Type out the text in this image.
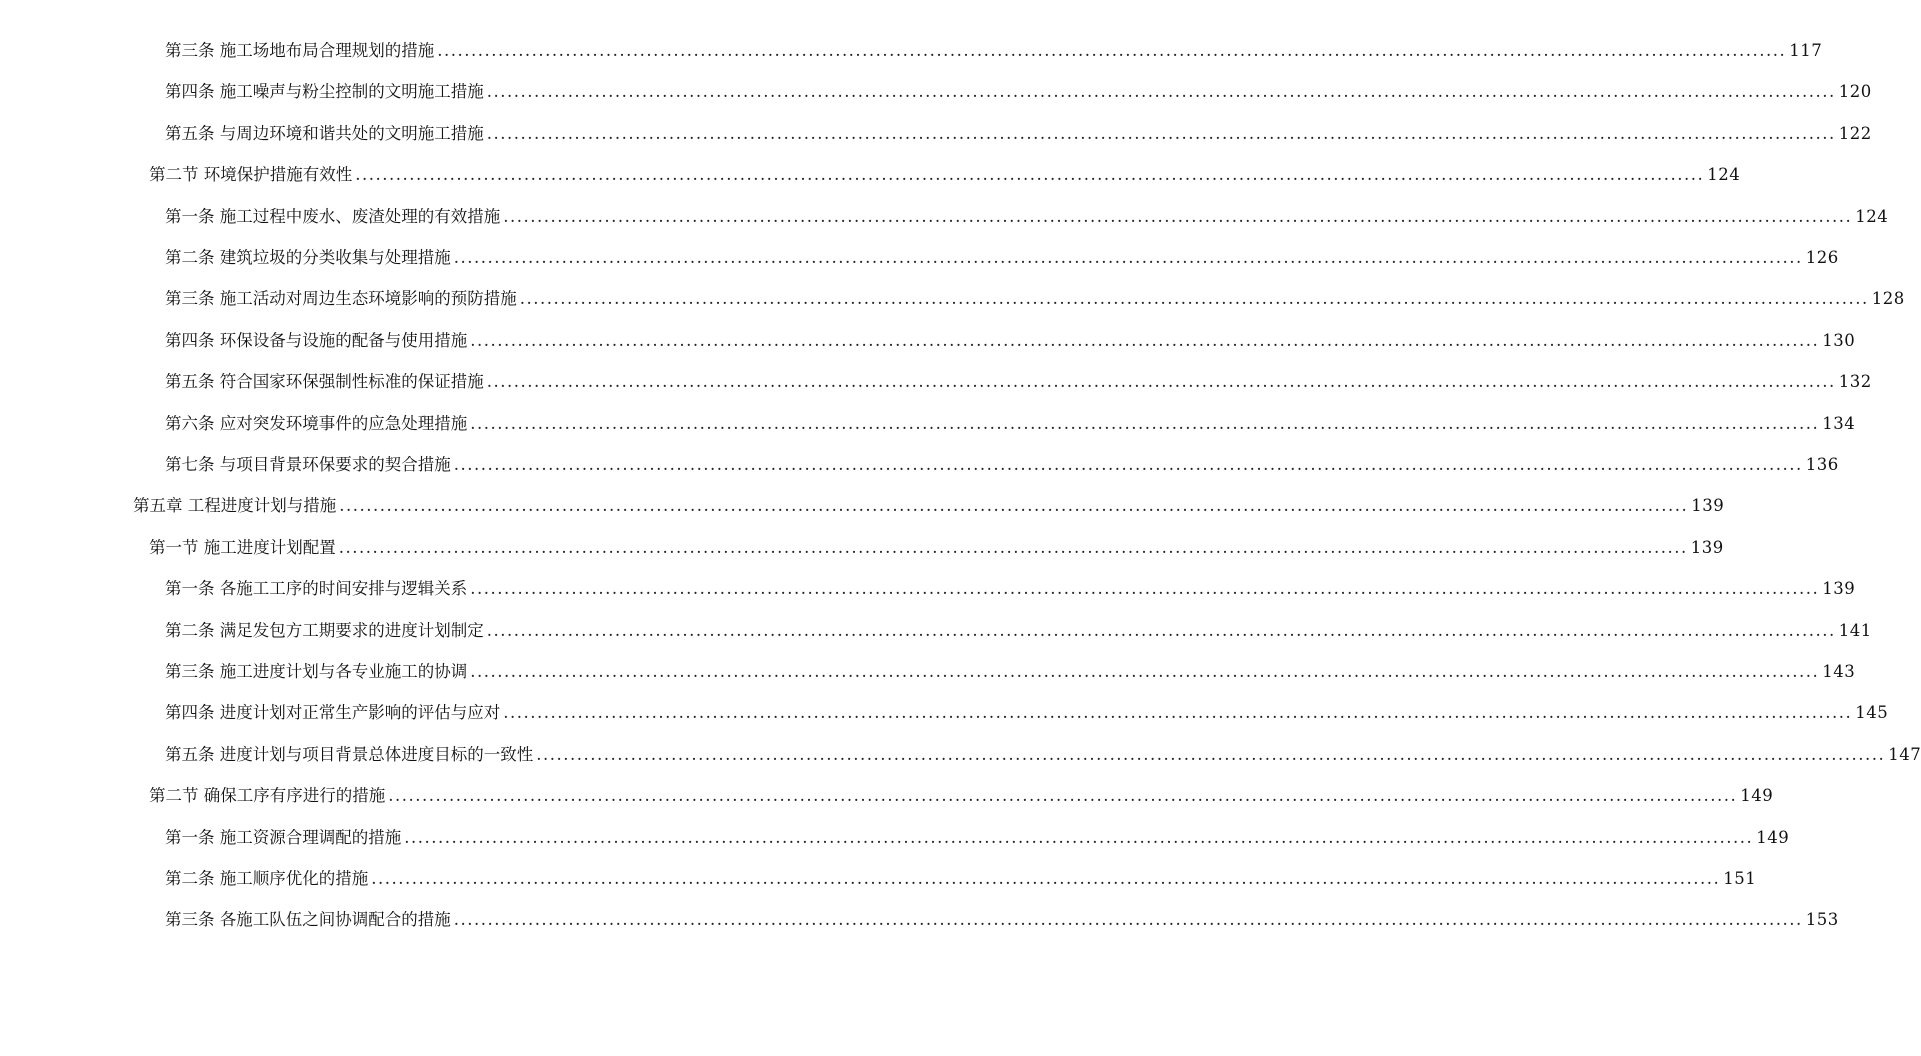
第三条 施工场地布局合理规划的措施 ........................................................................................................................................................................................................ 117
第四条 施工噪声与粉尘控制的文明施工措施 ........................................................................................................................................................................................................ 120
第五条 与周边环境和谐共处的文明施工措施 ........................................................................................................................................................................................................ 122
第二节 环境保护措施有效性 ........................................................................................................................................................................................................ 124
第一条 施工过程中废水、废渣处理的有效措施 ........................................................................................................................................................................................................ 124
第二条 建筑垃圾的分类收集与处理措施 ........................................................................................................................................................................................................ 126
第三条 施工活动对周边生态环境影响的预防措施 ........................................................................................................................................................................................................ 128
第四条 环保设备与设施的配备与使用措施 ........................................................................................................................................................................................................ 130
第五条 符合国家环保强制性标准的保证措施 ........................................................................................................................................................................................................ 132
第六条 应对突发环境事件的应急处理措施 ........................................................................................................................................................................................................ 134
第七条 与项目背景环保要求的契合措施 ........................................................................................................................................................................................................ 136
第五章 工程进度计划与措施 ........................................................................................................................................................................................................ 139
第一节 施工进度计划配置 ........................................................................................................................................................................................................ 139
第一条 各施工工序的时间安排与逻辑关系 ........................................................................................................................................................................................................ 139
第二条 满足发包方工期要求的进度计划制定 ........................................................................................................................................................................................................ 141
第三条 施工进度计划与各专业施工的协调 ........................................................................................................................................................................................................ 143
第四条 进度计划对正常生产影响的评估与应对 ........................................................................................................................................................................................................ 145
第五条 进度计划与项目背景总体进度目标的一致性 ........................................................................................................................................................................................................ 147
第二节 确保工序有序进行的措施 ........................................................................................................................................................................................................ 149
第一条 施工资源合理调配的措施 ........................................................................................................................................................................................................ 149
第二条 施工顺序优化的措施 ........................................................................................................................................................................................................ 151
第三条 各施工队伍之间协调配合的措施 ........................................................................................................................................................................................................ 153
